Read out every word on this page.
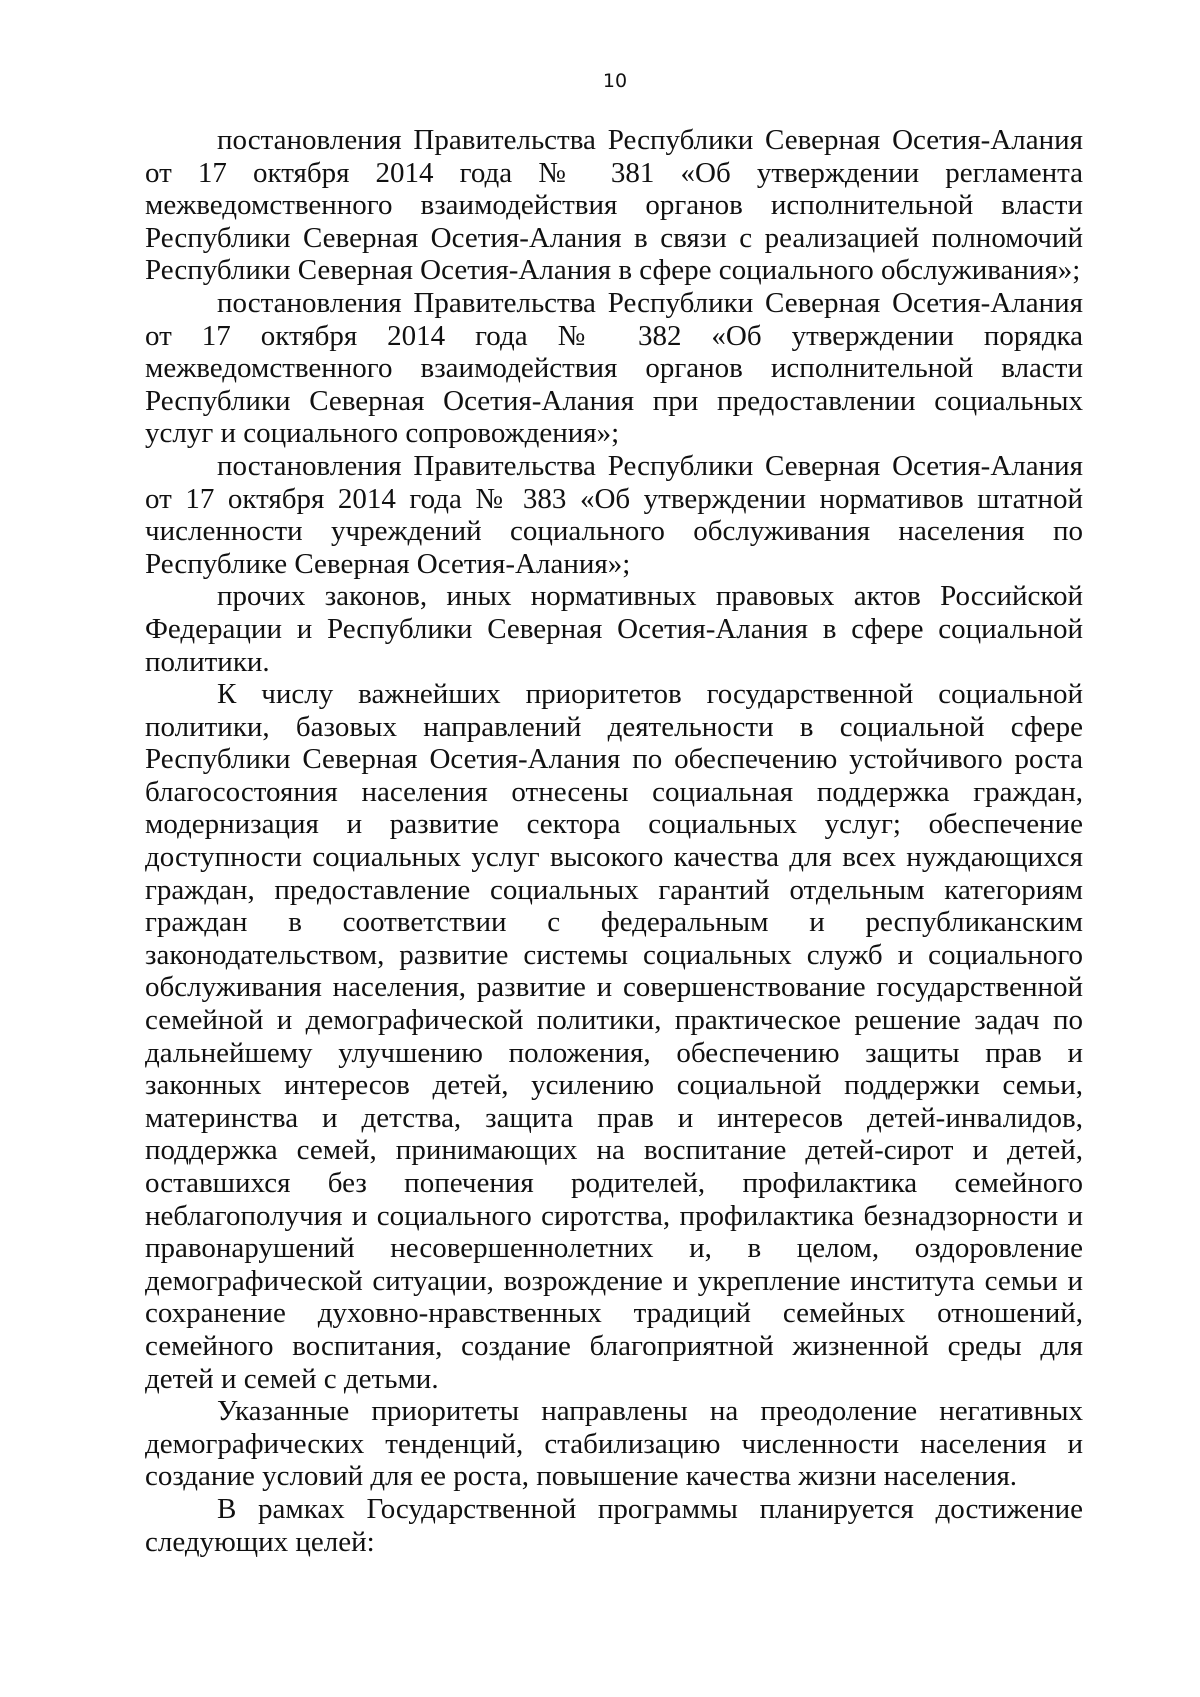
10

постановления Правительства Республики Северная Осетия-Алания от 17 октября 2014 года № 381 «Об утверждении регламента межведомственного взаимодействия органов исполнительной власти Республики Северная Осетия-Алания в связи с реализацией полномочий Республики Северная Осетия-Алания в сфере социального обслуживания»;

постановления Правительства Республики Северная Осетия-Алания от 17 октября 2014 года № 382 «Об утверждении порядка межведомственного взаимодействия органов исполнительной власти Республики Северная Осетия-Алания при предоставлении социальных услуг и социального сопровождения»;

постановления Правительства Республики Северная Осетия-Алания от 17 октября 2014 года № 383 «Об утверждении нормативов штатной численности учреждений социального обслуживания населения по Республике Северная Осетия-Алания»;

прочих законов, иных нормативных правовых актов Российской Федерации и Республики Северная Осетия-Алания в сфере социальной политики.

К числу важнейших приоритетов государственной социальной политики, базовых направлений деятельности в социальной сфере Республики Северная Осетия-Алания по обеспечению устойчивого роста благосостояния населения отнесены социальная поддержка граждан, модернизация и развитие сектора социальных услуг; обеспечение доступности социальных услуг высокого качества для всех нуждающихся граждан, предоставление социальных гарантий отдельным категориям граждан в соответствии с федеральным и республиканским законодательством, развитие системы социальных служб и социального обслуживания населения, развитие и совершенствование государственной семейной и демографической политики, практическое решение задач по дальнейшему улучшению положения, обеспечению защиты прав и законных интересов детей, усилению социальной поддержки семьи, материнства и детства, защита прав и интересов детей-инвалидов, поддержка семей, принимающих на воспитание детей-сирот и детей, оставшихся без попечения родителей, профилактика семейного неблагополучия и социального сиротства, профилактика безнадзорности и правонарушений несовершеннолетних и, в целом, оздоровление демографической ситуации, возрождение и укрепление института семьи и сохранение духовно-нравственных традиций семейных отношений, семейного воспитания, создание благоприятной жизненной среды для детей и семей с детьми.

Указанные приоритеты направлены на преодоление негативных демографических тенденций, стабилизацию численности населения и создание условий для ее роста, повышение качества жизни населения.

В рамках Государственной программы планируется достижение следующих целей:
